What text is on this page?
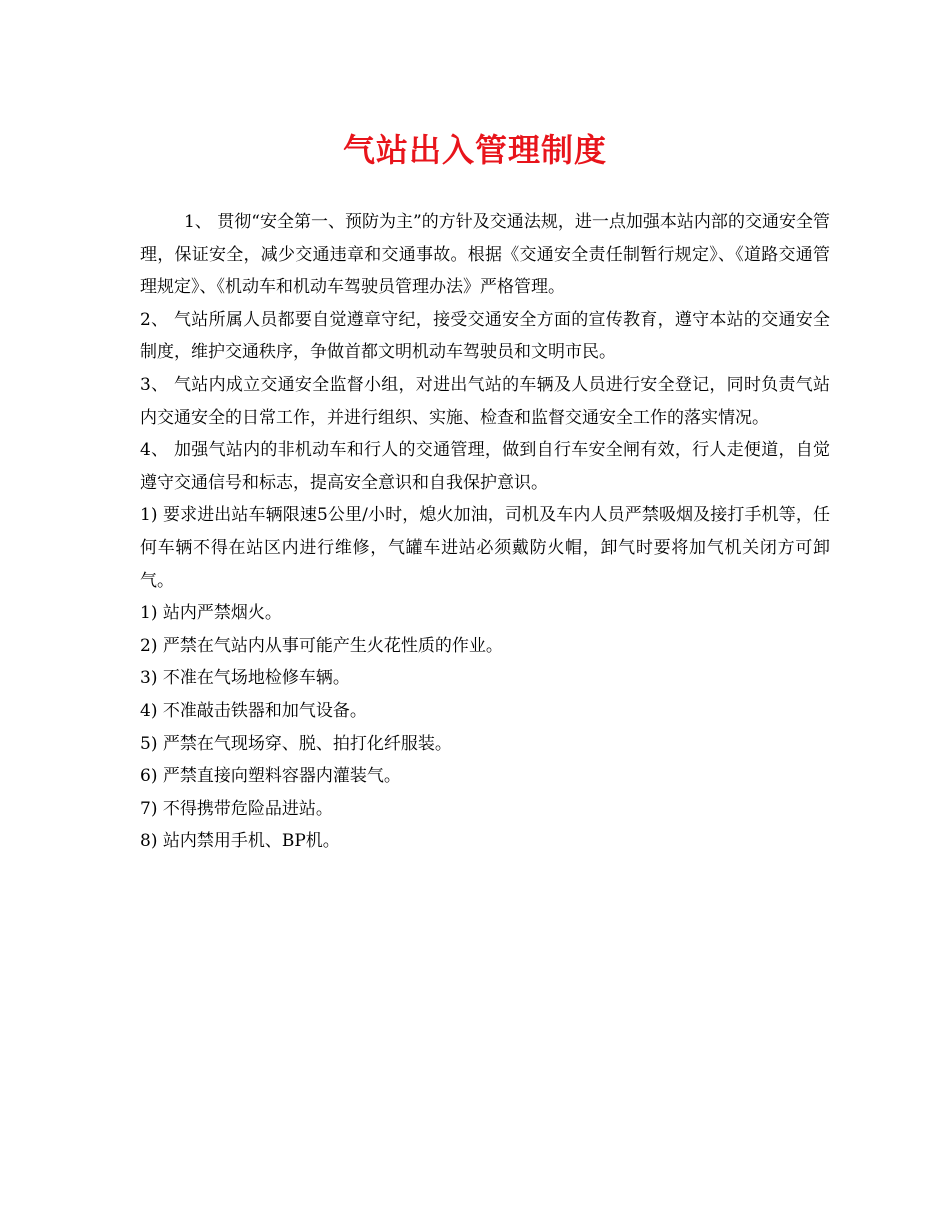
气站出入管理制度

1、 贯彻“安全第一、预防为主”的方针及交通法规，进一点加强本站内部的交通安全管理，保证安全，减少交通违章和交通事故。根据《交通安全责任制暂行规定》、《道路交通管理规定》、《机动车和机动车驾驶员管理办法》严格管理。

2、 气站所属人员都要自觉遵章守纪，接受交通安全方面的宣传教育，遵守本站的交通安全制度，维护交通秩序，争做首都文明机动车驾驶员和文明市民。

3、 气站内成立交通安全监督小组，对进出气站的车辆及人员进行安全登记，同时负责气站内交通安全的日常工作，并进行组织、实施、检查和监督交通安全工作的落实情况。

4、 加强气站内的非机动车和行人的交通管理，做到自行车安全闸有效，行人走便道，自觉遵守交通信号和标志，提高安全意识和自我保护意识。

1) 要求进出站车辆限速5公里/小时，熄火加油，司机及车内人员严禁吸烟及接打手机等，任何车辆不得在站区内进行维修，气罐车进站必须戴防火帽，卸气时要将加气机关闭方可卸气。

1) 站内严禁烟火。

2) 严禁在气站内从事可能产生火花性质的作业。

3) 不准在气场地检修车辆。

4) 不准敲击铁器和加气设备。

5) 严禁在气现场穿、脱、拍打化纤服装。

6) 严禁直接向塑料容器内灌装气。

7) 不得携带危险品进站。

8) 站内禁用手机、BP机。
